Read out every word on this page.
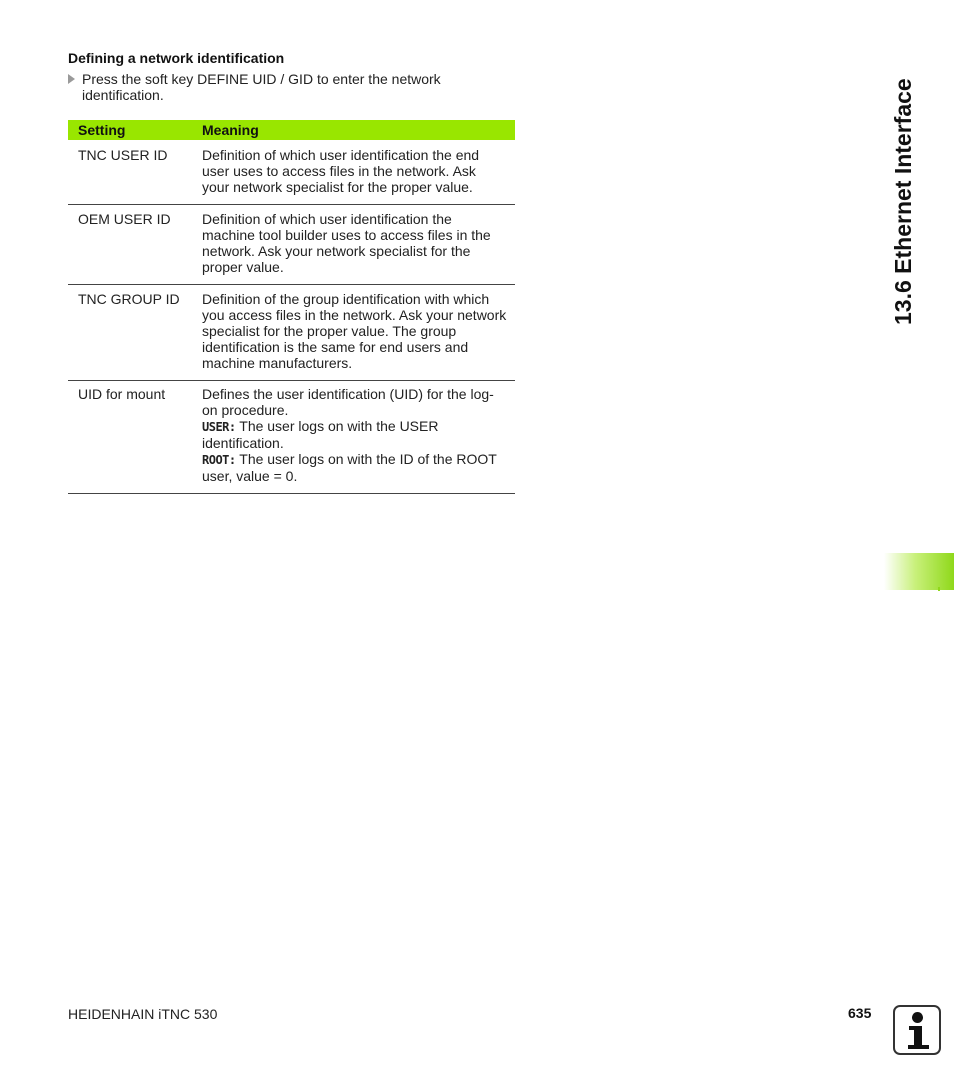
Defining a network identification
Press the soft key DEFINE UID / GID to enter the network identification.
Setting	Meaning
TNC USER ID	Definition of which user identification the end user uses to access files in the network. Ask your network specialist for the proper value.
OEM USER ID	Definition of which user identification the machine tool builder uses to access files in the network. Ask your network specialist for the proper value.
TNC GROUP ID	Definition of the group identification with which you access files in the network. Ask your network specialist for the proper value. The group identification is the same for end users and machine manufacturers.
UID for mount	Defines the user identification (UID) for the log-on procedure.
USER: The user logs on with the USER identification.
ROOT: The user logs on with the ID of the ROOT user, value = 0.
13.6 Ethernet Interface
HEIDENHAIN iTNC 530	635
